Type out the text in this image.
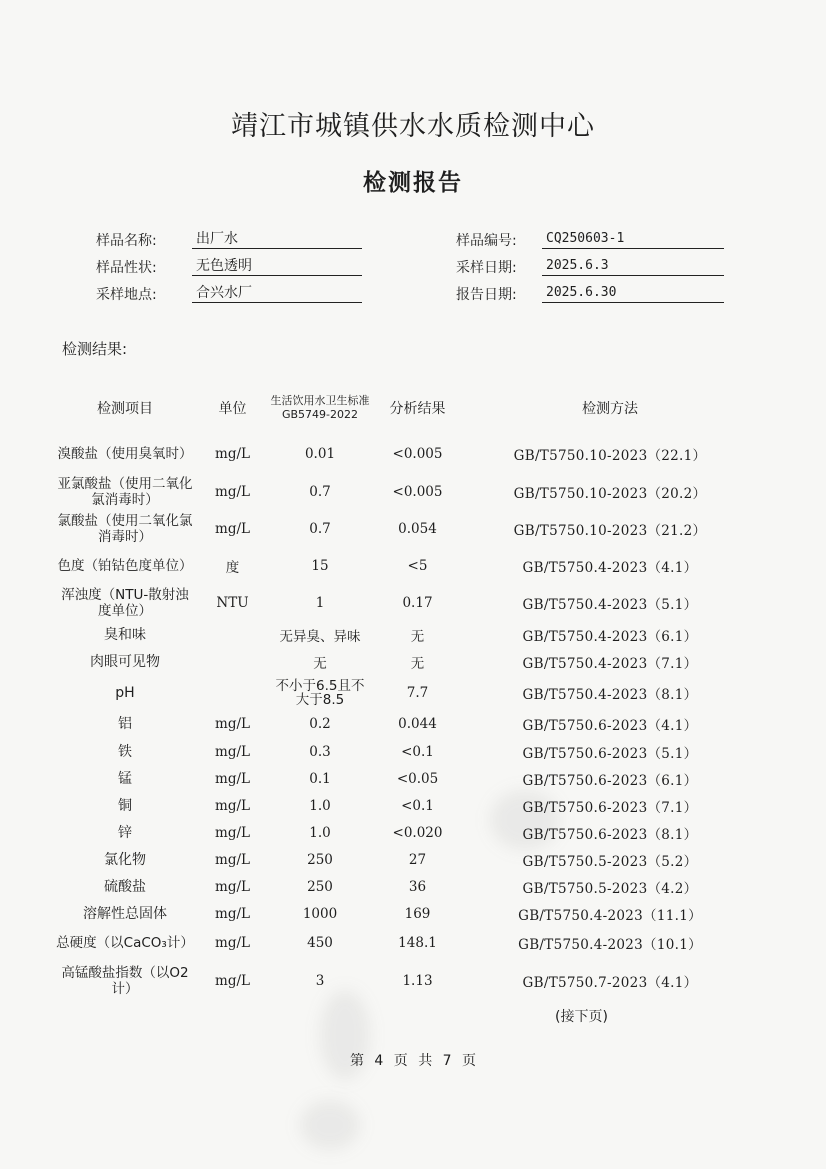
靖江市城镇供水水质检测中心
检测报告
样品名称:	出厂水	样品编号:	CQ250603-1
样品性状:	无色透明	采样日期:	2025.6.3
采样地点:	合兴水厂	报告日期:	2025.6.30
检测结果:
检测项目	单位	生活饮用水卫生标准GB5749-2022	分析结果	检测方法
溴酸盐（使用臭氧时）	mg/L	0.01	<0.005	GB/T5750.10-2023（22.1）
亚氯酸盐（使用二氧化氯消毒时）	mg/L	0.7	<0.005	GB/T5750.10-2023（20.2）
氯酸盐（使用二氧化氯消毒时）	mg/L	0.7	0.054	GB/T5750.10-2023（21.2）
色度（铂钴色度单位）	度	15	<5	GB/T5750.4-2023（4.1）
浑浊度（NTU-散射浊度单位）	NTU	1	0.17	GB/T5750.4-2023（5.1）
臭和味		无异臭、异味	无	GB/T5750.4-2023（6.1）
肉眼可见物		无	无	GB/T5750.4-2023（7.1）
pH		不小于6.5且不大于8.5	7.7	GB/T5750.4-2023（8.1）
铝	mg/L	0.2	0.044	GB/T5750.6-2023（4.1）
铁	mg/L	0.3	<0.1	GB/T5750.6-2023（5.1）
锰	mg/L	0.1	<0.05	GB/T5750.6-2023（6.1）
铜	mg/L	1.0	<0.1	GB/T5750.6-2023（7.1）
锌	mg/L	1.0	<0.020	GB/T5750.6-2023（8.1）
氯化物	mg/L	250	27	GB/T5750.5-2023（5.2）
硫酸盐	mg/L	250	36	GB/T5750.5-2023（4.2）
溶解性总固体	mg/L	1000	169	GB/T5750.4-2023（11.1）
总硬度（以CaCO₃计）	mg/L	450	148.1	GB/T5750.4-2023（10.1）
高锰酸盐指数（以O2计）	mg/L	3	1.13	GB/T5750.7-2023（4.1）
(接下页)
第 4 页 共 7 页
